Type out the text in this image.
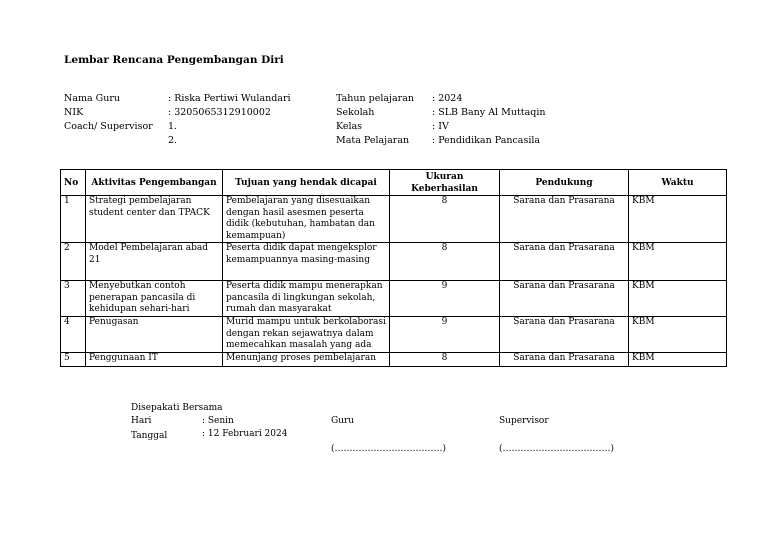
Lembar Rencana Pengembangan Diri
Nama Guru	: Riska Pertiwi Wulandari
NIK	: 3205065312910002
Coach/ Supervisor 1.
2.
Tahun pelajaran : 2024
Sekolah	: SLB Bany Al Muttaqin
Kelas	: IV
Mata Pelajaran : Pendidikan Pancasila
No	Aktivitas Pengembangan	Tujuan yang hendak dicapai	Ukuran Keberhasilan	Pendukung	Waktu
1	Strategi pembelajaran student center dan TPACK	Pembelajaran yang disesuaikan dengan hasil asesmen peserta didik (kebutuhan, hambatan dan kemampuan)	8	Sarana dan Prasarana	KBM
2	Model Pembelajaran abad 21	Peserta didik dapat mengeksplor kemampuannya masing-masing	8	Sarana dan Prasarana	KBM
3	Menyebutkan contoh penerapan pancasila di kehidupan sehari-hari	Peserta didik mampu menerapkan pancasila di lingkungan sekolah, rumah dan masyarakat	9	Sarana dan Prasarana	KBM
4	Penugasan	Murid mampu untuk berkolaborasi dengan rekan sejawatnya dalam memecahkan masalah yang ada	9	Sarana dan Prasarana	KBM
5	Penggunaan IT	Menunjang proses pembelajaran	8	Sarana dan Prasarana	KBM
Disepakati Bersama
Hari	: Senin
Tanggal	: 12 Februari 2024
Guru	Supervisor
(………………………………)	(………………………………)
